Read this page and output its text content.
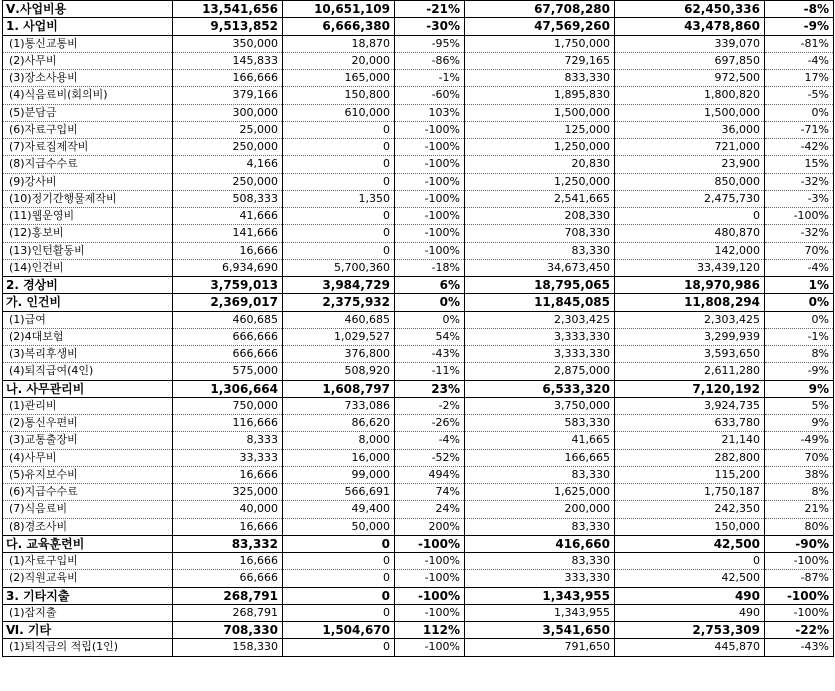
Ⅴ.사업비용	13,541,656	10,651,109	-21%	67,708,280	62,450,336	-8%
1. 사업비	9,513,852	6,666,380	-30%	47,569,260	43,478,860	-9%
(1)통신교통비	350,000	18,870	-95%	1,750,000	339,070	-81%
(2)사무비	145,833	20,000	-86%	729,165	697,850	-4%
(3)장소사용비	166,666	165,000	-1%	833,330	972,500	17%
(4)식음료비(회의비)	379,166	150,800	-60%	1,895,830	1,800,820	-5%
(5)분담금	300,000	610,000	103%	1,500,000	1,500,000	0%
(6)자료구입비	25,000	0	-100%	125,000	36,000	-71%
(7)자료집제작비	250,000	0	-100%	1,250,000	721,000	-42%
(8)지급수수료	4,166	0	-100%	20,830	23,900	15%
(9)강사비	250,000	0	-100%	1,250,000	850,000	-32%
(10)정기간행물제작비	508,333	1,350	-100%	2,541,665	2,475,730	-3%
(11)웹운영비	41,666	0	-100%	208,330	0	-100%
(12)홍보비	141,666	0	-100%	708,330	480,870	-32%
(13)인턴활동비	16,666	0	-100%	83,330	142,000	70%
(14)인건비	6,934,690	5,700,360	-18%	34,673,450	33,439,120	-4%
2. 경상비	3,759,013	3,984,729	6%	18,795,065	18,970,986	1%
가. 인건비	2,369,017	2,375,932	0%	11,845,085	11,808,294	0%
(1)급여	460,685	460,685	0%	2,303,425	2,303,425	0%
(2)4대보험	666,666	1,029,527	54%	3,333,330	3,299,939	-1%
(3)복리후생비	666,666	376,800	-43%	3,333,330	3,593,650	8%
(4)퇴직급여(4인)	575,000	508,920	-11%	2,875,000	2,611,280	-9%
나. 사무관리비	1,306,664	1,608,797	23%	6,533,320	7,120,192	9%
(1)관리비	750,000	733,086	-2%	3,750,000	3,924,735	5%
(2)통신우편비	116,666	86,620	-26%	583,330	633,780	9%
(3)교통출장비	8,333	8,000	-4%	41,665	21,140	-49%
(4)사무비	33,333	16,000	-52%	166,665	282,800	70%
(5)유지보수비	16,666	99,000	494%	83,330	115,200	38%
(6)지급수수료	325,000	566,691	74%	1,625,000	1,750,187	8%
(7)식음료비	40,000	49,400	24%	200,000	242,350	21%
(8)경조사비	16,666	50,000	200%	83,330	150,000	80%
다. 교육훈련비	83,332	0	-100%	416,660	42,500	-90%
(1)자료구입비	16,666	0	-100%	83,330	0	-100%
(2)직원교육비	66,666	0	-100%	333,330	42,500	-87%
3. 기타지출	268,791	0	-100%	1,343,955	490	-100%
(1)잡지출	268,791	0	-100%	1,343,955	490	-100%
Ⅵ. 기타	708,330	1,504,670	112%	3,541,650	2,753,309	-22%
(1)퇴직금의 적립(1인)	158,330	0	-100%	791,650	445,870	-43%
